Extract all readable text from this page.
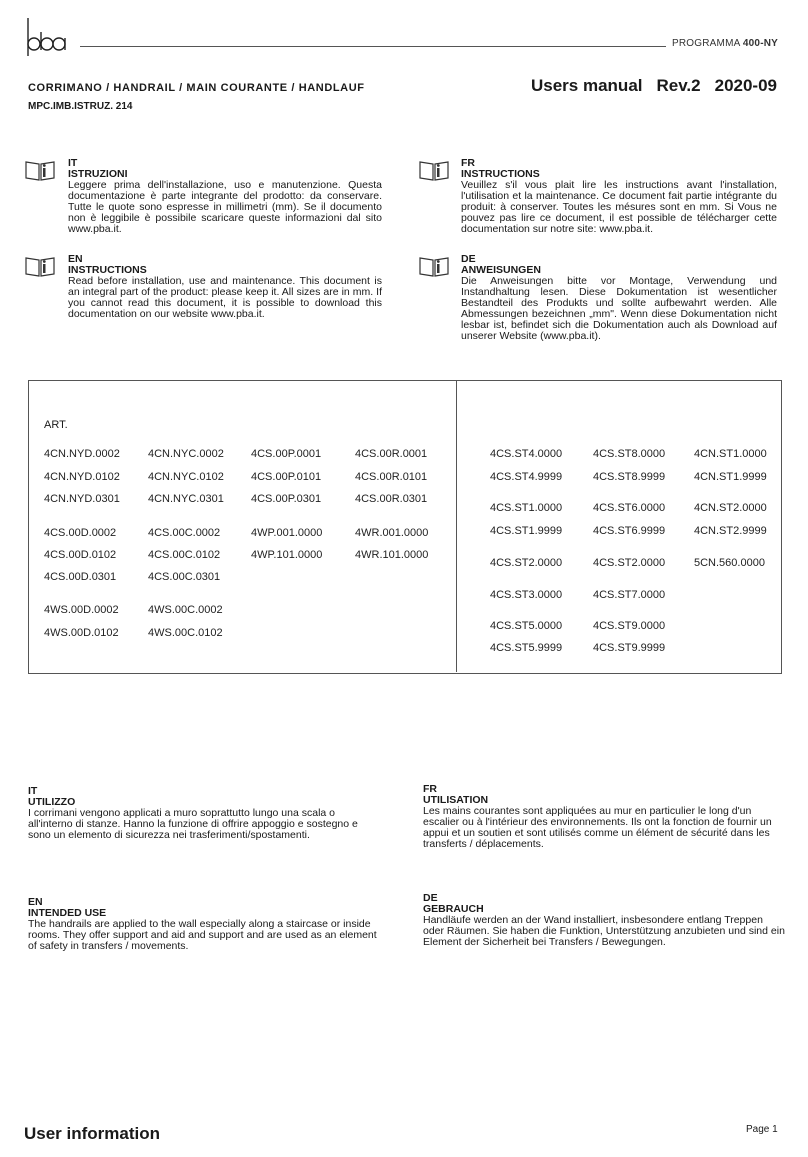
PROGRAMMA 400-NY
CORRIMANO / HANDRAIL / MAIN COURANTE / HANDLAUF
MPC.IMB.ISTRUZ. 214
Users manual Rev.2 2020-09
IT
ISTRUZIONI

Leggere prima dell'installazione, uso e manutenzione. Questa documentazione è parte integrante del prodotto: da conservare. Tutte le quote sono espresse in millimetri (mm). Se il documento non è leggibile è possibile scaricare queste informazioni dal sito www.pba.it.

FR
INSTRUCTIONS

Veuillez s'il vous plait lire les instructions avant l'installation, l'utilisation et la maintenance. Ce document fait partie intégrante du produit: à conserver. Toutes les mésures sont en mm. Si Vous ne pouvez pas lire ce document, il est possible de télécharger cette documentation sur notre site: www.pba.it.

EN
INSTRUCTIONS

Read before installation, use and maintenance. This document is an integral part of the product: please keep it. All sizes are in mm. If you cannot read this document, it is possible to download this documentation on our website www.pba.it.

DE
ANWEISUNGEN

Die Anweisungen bitte vor Montage, Verwendung und Instandhaltung lesen. Diese Dokumentation ist wesentlicher Bestandteil des Produkts und sollte aufbewahrt werden. Alle Abmessungen bezeichnen „mm". Wenn diese Dokumentation nicht lesbar ist, befindet sich die Dokumentation auch als Download auf unserer Website (www.pba.it).

ART.
4CN.NYD.0002	4CN.NYC.0002 4CS.00P.0001	4CS.00R.0001
4CN.NYD.0102	4CN.NYC.0102 4CS.00P.0101	4CS.00R.0101
4CN.NYD.0301	4CN.NYC.0301 4CS.00P.0301	4CS.00R.0301
4CS.00D.0002	4CS.00C.0002	4WP.001.0000	4WR.001.0000
4CS.00D.0102	4CS.00C.0102	4WP.101.0000	4WR.101.0000
4CS.00D.0301	4CS.00C.0301
4WS.00D.0002	4WS.00C.0002
4WS.00D.0102	4WS.00C.0102
4CS.ST4.0000	4CS.ST8.0000	4CN.ST1.0000
4CS.ST4.9999	4CS.ST8.9999	4CN.ST1.9999
4CS.ST1.0000	4CS.ST6.0000	4CN.ST2.0000
4CS.ST1.9999	4CS.ST6.9999	4CN.ST2.9999
4CS.ST2.0000	4CS.ST2.0000	5CN.560.0000
4CS.ST3.0000	4CS.ST7.0000
4CS.ST5.0000	4CS.ST9.0000
4CS.ST5.9999	4CS.ST9.9999
IT
UTILIZZO
I corrimani vengono applicati a muro soprattutto lungo una scala o all'interno di stanze. Hanno la funzione di offrire appoggio e sostegno e sono un elemento di sicurezza nei trasferimenti/spostamenti.
FR
UTILISATION
Les mains courantes sont appliquées au mur en particulier le long d'un escalier ou à l'intérieur des environnements. Ils ont la fonction de fournir un appui et un soutien et sont utilisés comme un élément de sécurité dans les transferts / déplacements.
EN
INTENDED USE
The handrails are applied to the wall especially along a staircase or inside rooms. They offer support and aid and support and are used as an element of safety in transfers / movements.
DE
GEBRAUCH
Handläufe werden an der Wand installiert, insbesondere entlang Treppen oder Räumen. Sie haben die Funktion, Unterstützung anzubieten und sind ein Element der Sicherheit bei Transfers / Bewegungen.
User information	Page 1
